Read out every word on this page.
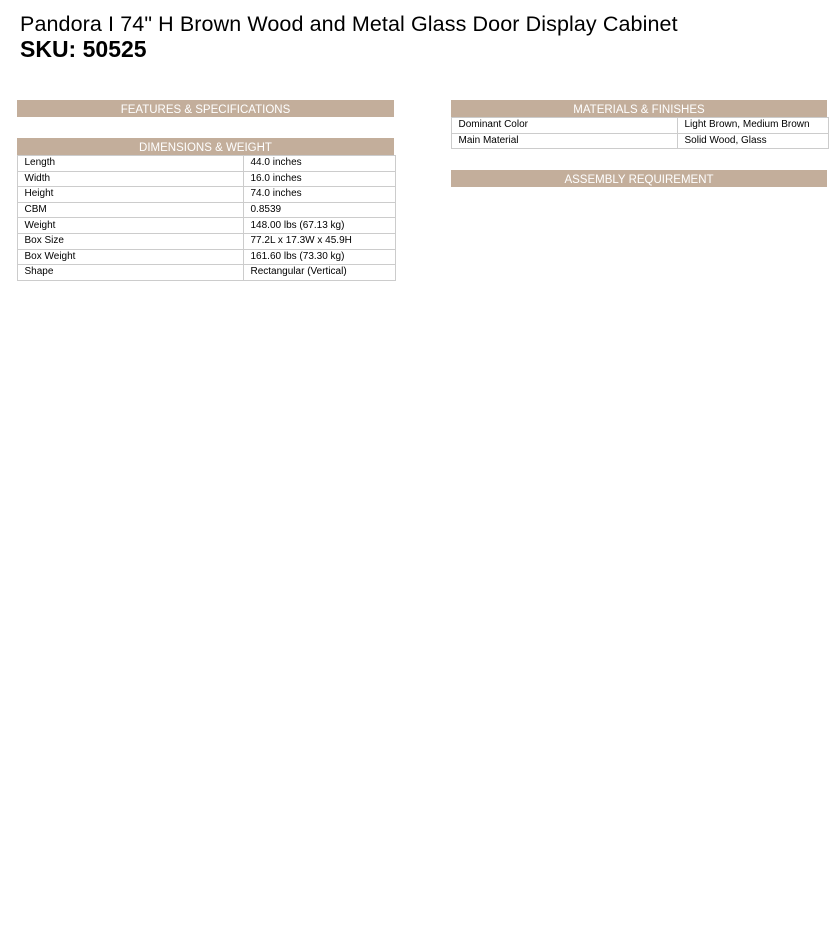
Pandora I 74" H Brown Wood and Metal Glass Door Display Cabinet
SKU: 50525
FEATURES & SPECIFICATIONS
DIMENSIONS & WEIGHT
Length	44.0 inches
Width	16.0 inches
Height	74.0 inches
CBM	0.8539
Weight	148.00 lbs (67.13 kg)
Box Size	77.2L x 17.3W x 45.9H
Box Weight	161.60 lbs (73.30 kg)
Shape	Rectangular (Vertical)
MATERIALS & FINISHES
Dominant Color	Light Brown, Medium Brown
Main Material	Solid Wood, Glass
ASSEMBLY REQUIREMENT
